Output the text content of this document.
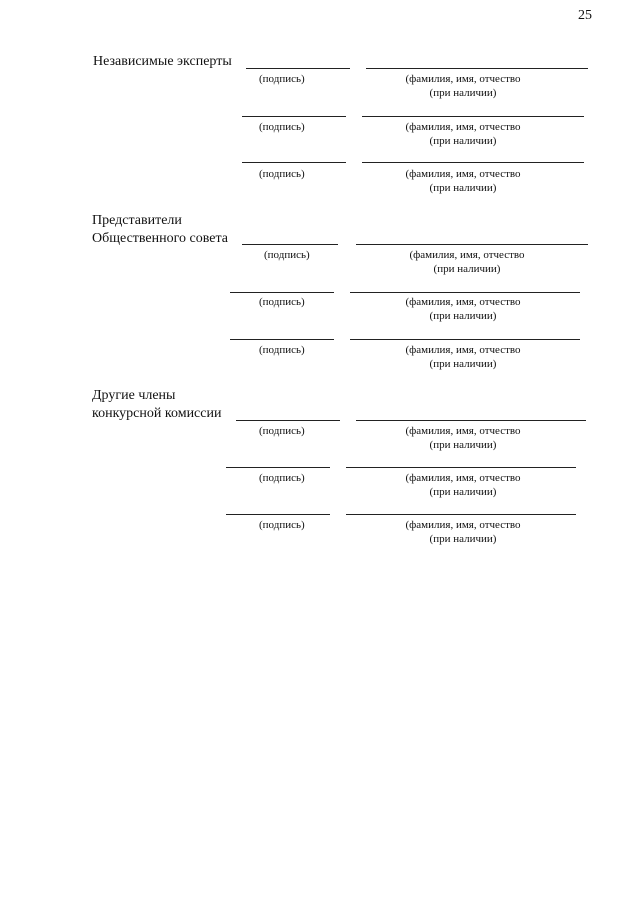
25
Независимые эксперты
(подпись)	(фамилия, имя, отчество
(при наличии)
(подпись)	(фамилия, имя, отчество
(при наличии)
(подпись)	(фамилия, имя, отчество
(при наличии)
Представители
Общественного совета
(подпись)	(фамилия, имя, отчество
(при наличии)
(подпись)	(фамилия, имя, отчество
(при наличии)
(подпись)	(фамилия, имя, отчество
(при наличии)
Другие члены
конкурсной комиссии
(подпись)	(фамилия, имя, отчество
(при наличии)
(подпись)	(фамилия, имя, отчество
(при наличии)
(подпись)	(фамилия, имя, отчество
(при наличии)
